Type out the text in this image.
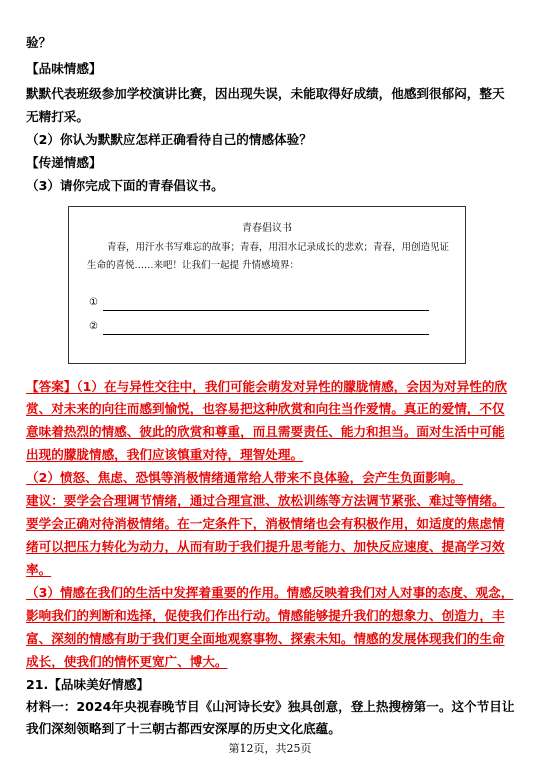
验？
【品味情感】
默默代表班级参加学校演讲比赛，因出现失误，未能取得好成绩，他感到很郁闷，整天
无精打采。
（2）你认为默默应怎样正确看待自己的情感体验？
【传递情感】
（3）请你完成下面的青春倡议书。
青春倡议书
青春，用汗水书写难忘的故事；青春，用泪水记录成长的悲欢；青春，用创造见证生命的喜悦……来吧！让我们一起提 升情感境界：
①
②
【答案】（1）在与异性交往中，我们可能会萌发对异性的朦胧情感，会因为对异性的欣
赏、对未来的向往而感到愉悦，也容易把这种欣赏和向往当作爱情。真正的爱情，不仅
意味着热烈的情感、彼此的欣赏和尊重，而且需要责任、能力和担当。面对生活中可能
出现的朦胧情感，我们应该慎重对待，理智处理。
（2）愤怒、焦虑、恐惧等消极情绪通常给人带来不良体验，会产生负面影响。
建议：要学会合理调节情绪，通过合理宣泄、放松训练等方法调节紧张、难过等情绪。
要学会正确对待消极情绪。在一定条件下，消极情绪也会有积极作用，如适度的焦虑情
绪可以把压力转化为动力，从而有助于我们提升思考能力、加快反应速度、提高学习效
率。
（3）情感在我们的生活中发挥着重要的作用。情感反映着我们对人对事的态度、观念，
影响我们的判断和选择，促使我们作出行动。情感能够提升我们的想象力、创造力，丰
富、深刻的情感有助于我们更全面地观察事物、探索未知。情感的发展体现我们的生命
成长，使我们的情怀更宽广、博大。
21.【品味美好情感】
材料一：2024年央视春晚节目《山河诗长安》独具创意，登上热搜榜第一。这个节目让
我们深刻领略到了十三朝古都西安深厚的历史文化底蕴。
第12页，共25页
